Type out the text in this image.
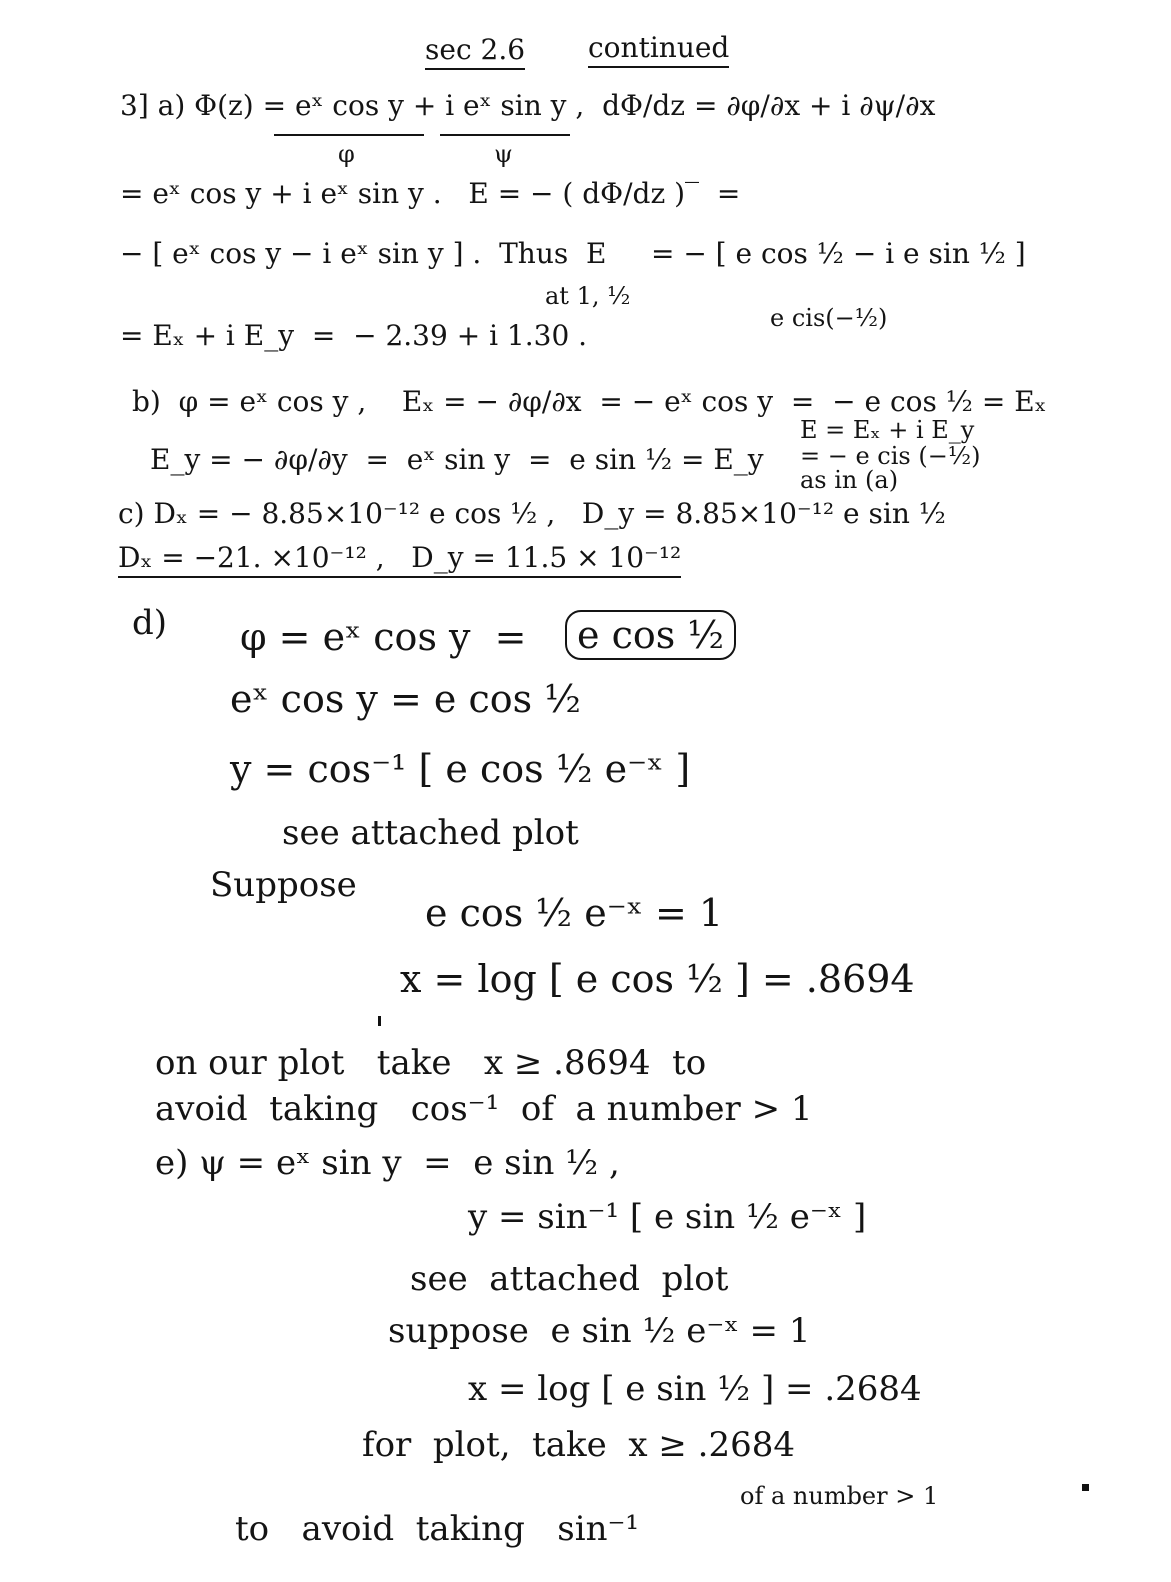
sec 2.6 continued
3] a) Φ(z) = eˣ cos y + i eˣ sin y ,  dΦ/dz = ∂φ/∂x + i ∂ψ/∂x
φ	ψ
= eˣ cos y + i eˣ sin y .   E = − ( dΦ/dz )‾  =
− [ eˣ cos y − i eˣ sin y ] .  Thus  E     = − [ e cos ½ − i e sin ½ ]
at 1, ½
e cis(−½)
= Eₓ + i E_y  =  − 2.39 + i 1.30 .
b)  φ = eˣ cos y ,    Eₓ = − ∂φ/∂x  = − eˣ cos y  =  − e cos ½ = Eₓ
E_y = − ∂φ/∂y  =  eˣ sin y  =  e sin ½ = E_y
E = Eₓ + i E_y
= − e cis (−½)
as in (a)
c) Dₓ = − 8.85×10⁻¹² e cos ½ ,   D_y = 8.85×10⁻¹² e sin ½
Dₓ = −21. ×10⁻¹² ,   D_y = 11.5 × 10⁻¹²
d) φ = eˣ cos y  =	e cos ½
eˣ cos y = e cos ½
y = cos⁻¹ [ e cos ½ e⁻ˣ ]
see attached plot
Suppose
e cos ½ e⁻ˣ = 1
x = log [ e cos ½ ] = .8694
on our plot   take   x ≥ .8694  to
avoid  taking   cos⁻¹  of  a number > 1
e) ψ = eˣ sin y  =  e sin ½ ,
y = sin⁻¹ [ e sin ½ e⁻ˣ ]
see  attached  plot
suppose  e sin ½ e⁻ˣ = 1
x = log [ e sin ½ ] = .2684
for  plot,  take  x ≥ .2684
to   avoid  taking   sin⁻¹
of a number > 1
